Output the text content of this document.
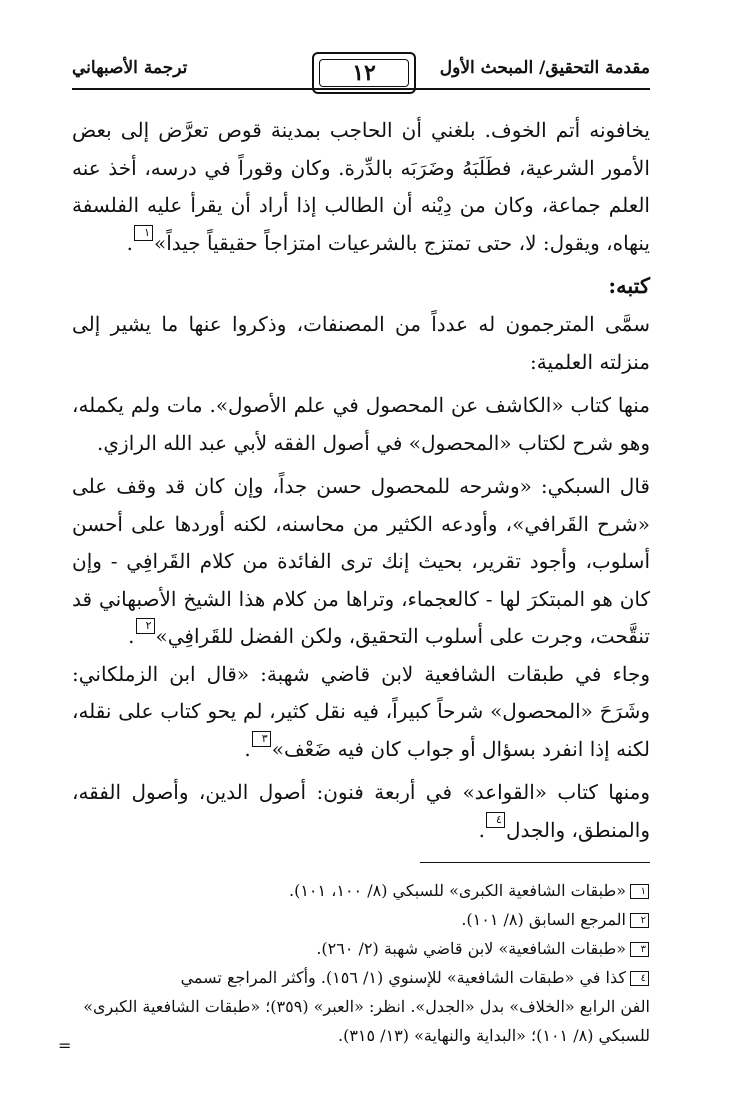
مقدمة التحقيق/ المبحث الأول
١٢
ترجمة الأصبهاني

يخافونه أتم الخوف. بلغني أن الحاجب بمدينة قوص تعرَّض إلى بعض الأمور الشرعية، فطَلَبَهُ وضَرَبَه بالدِّرة. وكان وقوراً في درسه، أخذ عنه العلم جماعة، وكان من دِيْنه أن الطالب إذا أراد أن يقرأ عليه الفلسفة ينهاه، ويقول: لا، حتى تمتزج بالشرعيات امتزاجاً حقيقياً جيداً»١.

كتبه:

سمَّى المترجمون له عدداً من المصنفات، وذكروا عنها ما يشير إلى منزلته العلمية:

منها كتاب «الكاشف عن المحصول في علم الأصول». مات ولم يكمله، وهو شرح لكتاب «المحصول» في أصول الفقه لأبي عبد الله الرازي.

قال السبكي: «وشرحه للمحصول حسن جداً، وإن كان قد وقف على «شرح القَرافي»، وأودعه الكثير من محاسنه، لكنه أوردها على أحسن أسلوب، وأجود تقرير، بحيث إنك ترى الفائدة من كلام القَرافِي - وإن كان هو المبتكرَ لها - كالعجماء، وتراها من كلام هذا الشيخ الأصبهاني قد تنقَّحت، وجرت على أسلوب التحقيق، ولكن الفضل للقَرافِي»٢.

وجاء في طبقات الشافعية لابن قاضي شهبة: «قال ابن الزملكاني: وشَرَحَ «المحصول» شرحاً كبيراً، فيه نقل كثير، لم يحو كتاب على نقله، لكنه إذا انفرد بسؤال أو جواب كان فيه ضَعْف»٣.

ومنها كتاب «القواعد» في أربعة فنون: أصول الدين، وأصول الفقه، والمنطق، والجدل٤.

١«طبقات الشافعية الكبرى» للسبكي (٨/ ١٠٠، ١٠١).

٢المرجع السابق (٨/ ١٠١).

٣«طبقات الشافعية» لابن قاضي شهبة (٢/ ٢٦٠).

٤كذا في «طبقات الشافعية» للإسنوي (١/ ١٥٦). وأكثر المراجع تسمي

الفن الرابع «الخلاف» بدل «الجدل». انظر: «العبر» (٣٥٩)؛ «طبقات الشافعية الكبرى» للسبكي (٨/ ١٠١)؛ «البداية والنهاية» (١٣/ ٣١٥).

=
